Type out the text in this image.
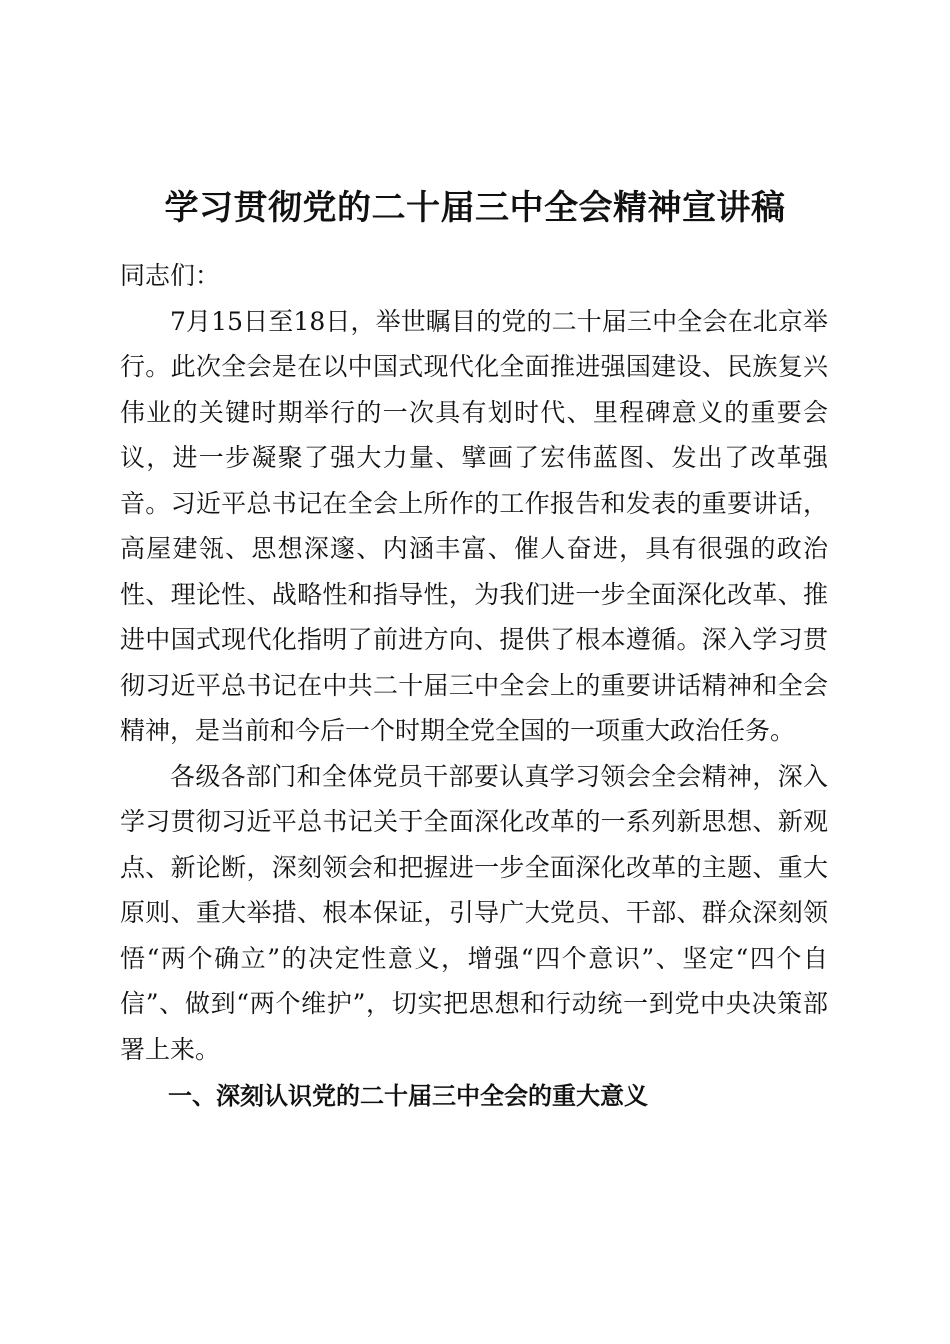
学习贯彻党的二十届三中全会精神宣讲稿

同志们：

7月15日至18日，举世瞩目的党的二十届三中全会在北京举行。此次全会是在以中国式现代化全面推进强国建设、民族复兴伟业的关键时期举行的一次具有划时代、里程碑意义的重要会议，进一步凝聚了强大力量、擘画了宏伟蓝图、发出了改革强音。习近平总书记在全会上所作的工作报告和发表的重要讲话，高屋建瓴、思想深邃、内涵丰富、催人奋进，具有很强的政治性、理论性、战略性和指导性，为我们进一步全面深化改革、推进中国式现代化指明了前进方向、提供了根本遵循。深入学习贯彻习近平总书记在中共二十届三中全会上的重要讲话精神和全会精神，是当前和今后一个时期全党全国的一项重大政治任务。

各级各部门和全体党员干部要认真学习领会全会精神，深入学习贯彻习近平总书记关于全面深化改革的一系列新思想、新观点、新论断，深刻领会和把握进一步全面深化改革的主题、重大原则、重大举措、根本保证，引导广大党员、干部、群众深刻领悟“两个确立”的决定性意义，增强“四个意识”、坚定“四个自信”、做到“两个维护”，切实把思想和行动统一到党中央决策部署上来。

一、深刻认识党的二十届三中全会的重大意义
